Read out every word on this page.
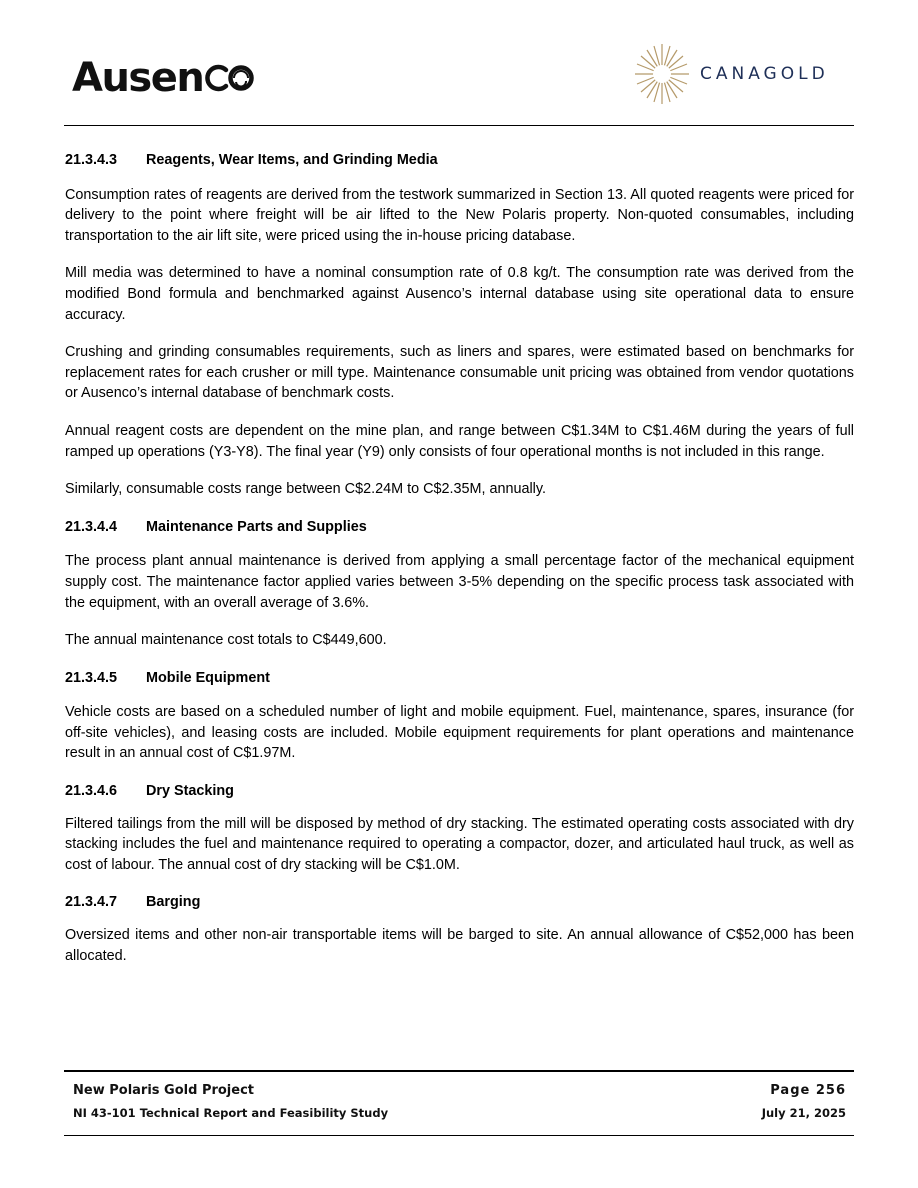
Ausen	CANAGOLD
21.3.4.3	Reagents, Wear Items, and Grinding Media

Consumption rates of reagents are derived from the testwork summarized in Section 13. All quoted reagents were priced for delivery to the point where freight will be air lifted to the New Polaris property. Non-quoted consumables, including transportation to the air lift site, were priced using the in-house pricing database.

Mill media was determined to have a nominal consumption rate of 0.8 kg/t. The consumption rate was derived from the modified Bond formula and benchmarked against Ausenco’s internal database using site operational data to ensure accuracy.

Crushing and grinding consumables requirements, such as liners and spares, were estimated based on benchmarks for replacement rates for each crusher or mill type. Maintenance consumable unit pricing was obtained from vendor quotations or Ausenco’s internal database of benchmark costs.

Annual reagent costs are dependent on the mine plan, and range between C$1.34M to C$1.46M during the years of full ramped up operations (Y3-Y8). The final year (Y9) only consists of four operational months is not included in this range.

Similarly, consumable costs range between C$2.24M to C$2.35M, annually.

21.3.4.4	Maintenance Parts and Supplies

The process plant annual maintenance is derived from applying a small percentage factor of the mechanical equipment supply cost. The maintenance factor applied varies between 3-5% depending on the specific process task associated with the equipment, with an overall average of 3.6%.

The annual maintenance cost totals to C$449,600.

21.3.4.5	Mobile Equipment

Vehicle costs are based on a scheduled number of light and mobile equipment. Fuel, maintenance, spares, insurance (for off-site vehicles), and leasing costs are included. Mobile equipment requirements for plant operations and maintenance result in an annual cost of C$1.97M.

21.3.4.6	Dry Stacking

Filtered tailings from the mill will be disposed by method of dry stacking. The estimated operating costs associated with dry stacking includes the fuel and maintenance required to operating a compactor, dozer, and articulated haul truck, as well as cost of labour. The annual cost of dry stacking will be C$1.0M.

21.3.4.7	Barging

Oversized items and other non-air transportable items will be barged to site. An annual allowance of C$52,000 has been allocated.

New Polaris Gold Project	Page 256
NI 43-101 Technical Report and Feasibility Study	July 21, 2025
